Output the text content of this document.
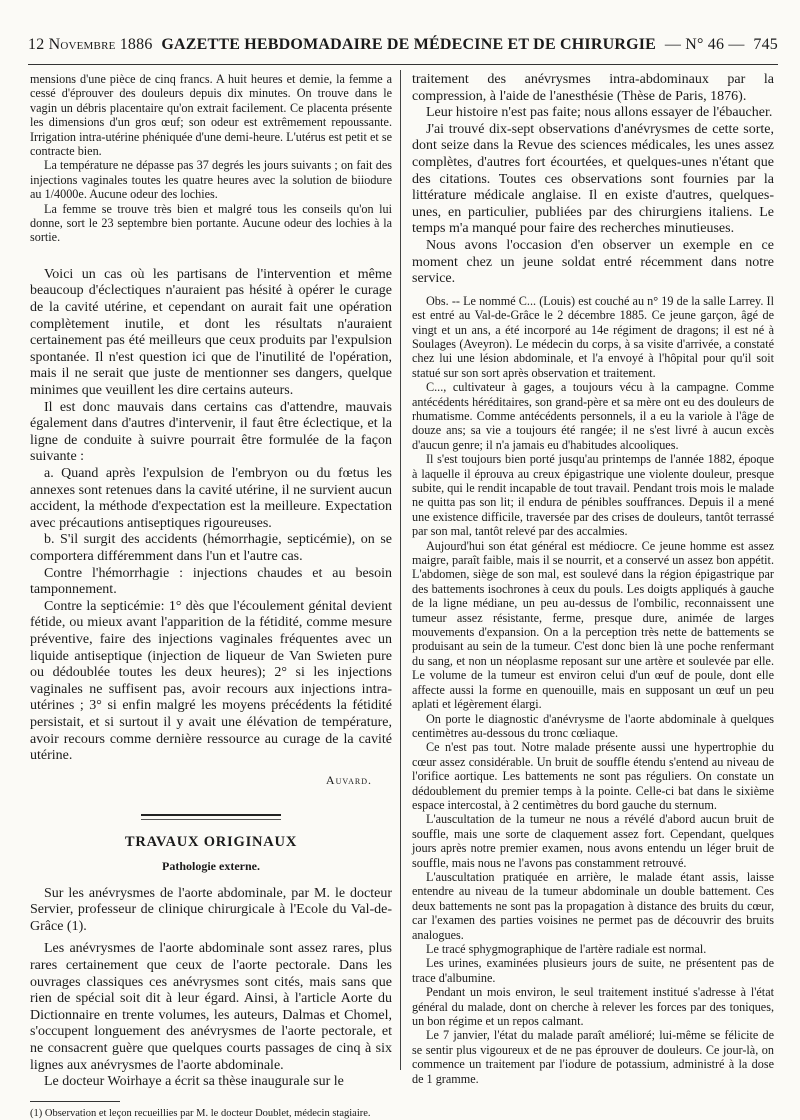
12 Novembre 1886 GAZETTE HEBDOMADAIRE DE MÉDECINE ET DE CHIRURGIE — N° 46 — 745

mensions d'une pièce de cinq francs. A huit heures et demie, la femme a cessé d'éprouver des douleurs depuis dix minutes. On trouve dans le vagin un débris placentaire qu'on extrait facilement. Ce placenta présente les dimensions d'un gros œuf; son odeur est extrêmement repoussante. Irrigation intra-utérine phéniquée d'une demi-heure. L'utérus est petit et se contracte bien.

La température ne dépasse pas 37 degrés les jours suivants ; on fait des injections vaginales toutes les quatre heures avec la solution de biiodure au 1/4000e. Aucune odeur des lochies.

La femme se trouve très bien et malgré tous les conseils qu'on lui donne, sort le 23 septembre bien portante. Aucune odeur des lochies à la sortie.

Voici un cas où les partisans de l'intervention et même beaucoup d'éclectiques n'auraient pas hésité à opérer le curage de la cavité utérine, et cependant on aurait fait une opération complètement inutile, et dont les résultats n'auraient certainement pas été meilleurs que ceux produits par l'expulsion spontanée. Il n'est question ici que de l'inutilité de l'opération, mais il ne serait que juste de mentionner ses dangers, quelque minimes que veuillent les dire certains auteurs.

Il est donc mauvais dans certains cas d'attendre, mauvais également dans d'autres d'intervenir, il faut être éclectique, et la ligne de conduite à suivre pourrait être formulée de la façon suivante :

a. Quand après l'expulsion de l'embryon ou du fœtus les annexes sont retenues dans la cavité utérine, il ne survient aucun accident, la méthode d'expectation est la meilleure. Expectation avec précautions antiseptiques rigoureuses.

b. S'il surgit des accidents (hémorrhagie, septicémie), on se comportera différemment dans l'un et l'autre cas.

Contre l'hémorrhagie : injections chaudes et au besoin tamponnement.

Contre la septicémie: 1° dès que l'écoulement génital devient fétide, ou mieux avant l'apparition de la fétidité, comme mesure préventive, faire des injections vaginales fréquentes avec un liquide antiseptique (injection de liqueur de Van Swieten pure ou dédoublée toutes les deux heures); 2° si les injections vaginales ne suffisent pas, avoir recours aux injections intra-utérines ; 3° si enfin malgré les moyens précédents la fétidité persistait, et si surtout il y avait une élévation de température, avoir recours comme dernière ressource au curage de la cavité utérine.

Auvard.
TRAVAUX ORIGINAUX
Pathologie externe.

Sur les anévrysmes de l'aorte abdominale, par M. le docteur Servier, professeur de clinique chirurgicale à l'Ecole du Val-de-Grâce (1).

Les anévrysmes de l'aorte abdominale sont assez rares, plus rares certainement que ceux de l'aorte pectorale. Dans les ouvrages classiques ces anévrysmes sont cités, mais sans que rien de spécial soit dit à leur égard. Ainsi, à l'article Aorte du Dictionnaire en trente volumes, les auteurs, Dalmas et Chomel, s'occupent longuement des anévrysmes de l'aorte pectorale, et ne consacrent guère que quelques courts passages de cinq à six lignes aux anévrysmes de l'aorte abdominale.

Le docteur Woirhaye a écrit sa thèse inaugurale sur le

(1) Observation et leçon recueillies par M. le docteur Doublet, médecin stagiaire.

traitement des anévrysmes intra-abdominaux par la compression, à l'aide de l'anesthésie (Thèse de Paris, 1876).

Leur histoire n'est pas faite; nous allons essayer de l'ébaucher.

J'ai trouvé dix-sept observations d'anévrysmes de cette sorte, dont seize dans la Revue des sciences médicales, les unes assez complètes, d'autres fort écourtées, et quelques-unes n'étant que des citations. Toutes ces observations sont fournies par la littérature médicale anglaise. Il en existe d'autres, quelques-unes, en particulier, publiées par des chirurgiens italiens. Le temps m'a manqué pour faire des recherches minutieuses.

Nous avons l'occasion d'en observer un exemple en ce moment chez un jeune soldat entré récemment dans notre service.

Obs. -- Le nommé C... (Louis) est couché au n° 19 de la salle Larrey. Il est entré au Val-de-Grâce le 2 décembre 1885. Ce jeune garçon, âgé de vingt et un ans, a été incorporé au 14e régiment de dragons; il est né à Soulages (Aveyron). Le médecin du corps, à sa visite d'arrivée, a constaté chez lui une lésion abdominale, et l'a envoyé à l'hôpital pour qu'il soit statué sur son sort après observation et traitement.

C..., cultivateur à gages, a toujours vécu à la campagne. Comme antécédents héréditaires, son grand-père et sa mère ont eu des douleurs de rhumatisme. Comme antécédents personnels, il a eu la variole à l'âge de douze ans; sa vie a toujours été rangée; il ne s'est livré à aucun excès d'aucun genre; il n'a jamais eu d'habitudes alcooliques.

Il s'est toujours bien porté jusqu'au printemps de l'année 1882, époque à laquelle il éprouva au creux épigastrique une violente douleur, presque subite, qui le rendit incapable de tout travail. Pendant trois mois le malade ne quitta pas son lit; il endura de pénibles souffrances. Depuis il a mené une existence difficile, traversée par des crises de douleurs, tantôt terrassé par son mal, tantôt relevé par des accalmies.

Aujourd'hui son état général est médiocre. Ce jeune homme est assez maigre, paraît faible, mais il se nourrit, et a conservé un assez bon appétit. L'abdomen, siège de son mal, est soulevé dans la région épigastrique par des battements isochrones à ceux du pouls. Les doigts appliqués à gauche de la ligne médiane, un peu au-dessus de l'ombilic, reconnaissent une tumeur assez résistante, ferme, presque dure, animée de larges mouvements d'expansion. On a la perception très nette de battements se produisant au sein de la tumeur. C'est donc bien là une poche renfermant du sang, et non un néoplasme reposant sur une artère et soulevée par elle. Le volume de la tumeur est environ celui d'un œuf de poule, dont elle affecte aussi la forme en quenouille, mais en supposant un œuf un peu aplati et légèrement élargi.

On porte le diagnostic d'anévrysme de l'aorte abdominale à quelques centimètres au-dessous du tronc cœliaque.

Ce n'est pas tout. Notre malade présente aussi une hypertrophie du cœur assez considérable. Un bruit de souffle étendu s'entend au niveau de l'orifice aortique. Les battements ne sont pas réguliers. On constate un dédoublement du premier temps à la pointe. Celle-ci bat dans le sixième espace intercostal, à 2 centimètres du bord gauche du sternum.

L'auscultation de la tumeur ne nous a révélé d'abord aucun bruit de souffle, mais une sorte de claquement assez fort. Cependant, quelques jours après notre premier examen, nous avons entendu un léger bruit de souffle, mais nous ne l'avons pas constamment retrouvé.

L'auscultation pratiquée en arrière, le malade étant assis, laisse entendre au niveau de la tumeur abdominale un double battement. Ces deux battements ne sont pas la propagation à distance des bruits du cœur, car l'examen des parties voisines ne permet pas de découvrir des bruits analogues.

Le tracé sphygmographique de l'artère radiale est normal.

Les urines, examinées plusieurs jours de suite, ne présentent pas de trace d'albumine.

Pendant un mois environ, le seul traitement institué s'adresse à l'état général du malade, dont on cherche à relever les forces par des toniques, un bon régime et un repos calmant.

Le 7 janvier, l'état du malade paraît amélioré; lui-même se félicite de se sentir plus vigoureux et de ne pas éprouver de douleurs. Ce jour-là, on commence un traitement par l'iodure de potassium, administré à la dose de 1 gramme.
